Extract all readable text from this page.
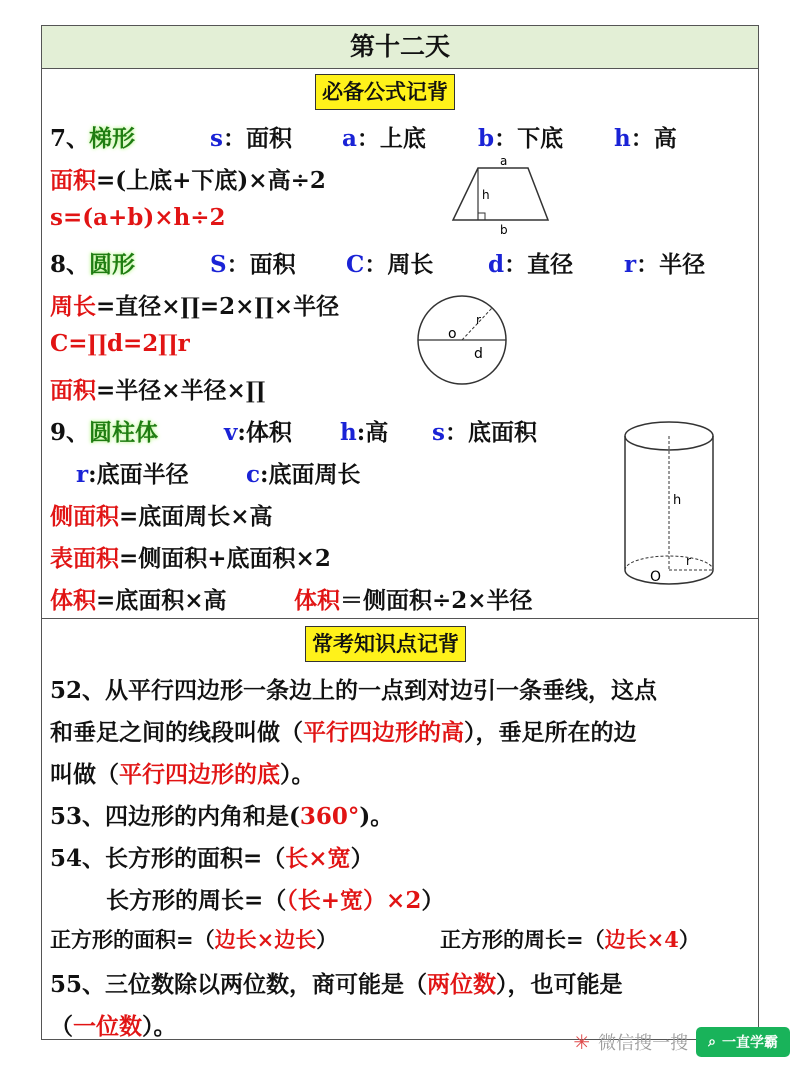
第十二天
必备公式记背
7、梯形	s：面积 a：上底 b：下底 h：高
面积=(上底+下底)×高÷2
s=(a+b)×h÷2
a
h
b
8、圆形	S：面积 C：周长 d：直径 r：半径
周长=直径×∏=2×∏×半径
C=∏d=2∏r
面积=半径×半径×∏
o
r
d
9、圆柱体	v:体积 h:高 s：底面积
r:底面半径 c:底面周长
侧面积=底面周长×高
表面积=侧面积+底面积×2
体积=底面积×高	体积＝侧面积÷2×半径
h
r
O
常考知识点记背
52、从平行四边形一条边上的一点到对边引一条垂线，这点
和垂足之间的线段叫做（平行四边形的高），垂足所在的边
叫做（平行四边形的底）。
53、四边形的内角和是(360°)。
54、长方形的面积=（长×宽）
长方形的周长=（（长+宽）×2）
正方形的面积=（边长×边长）	正方形的周长=（边长×4）
55、三位数除以两位数，商可能是（两位数），也可能是
（一位数）。
✳ 微信搜一搜 ⌕ 一直学霸
